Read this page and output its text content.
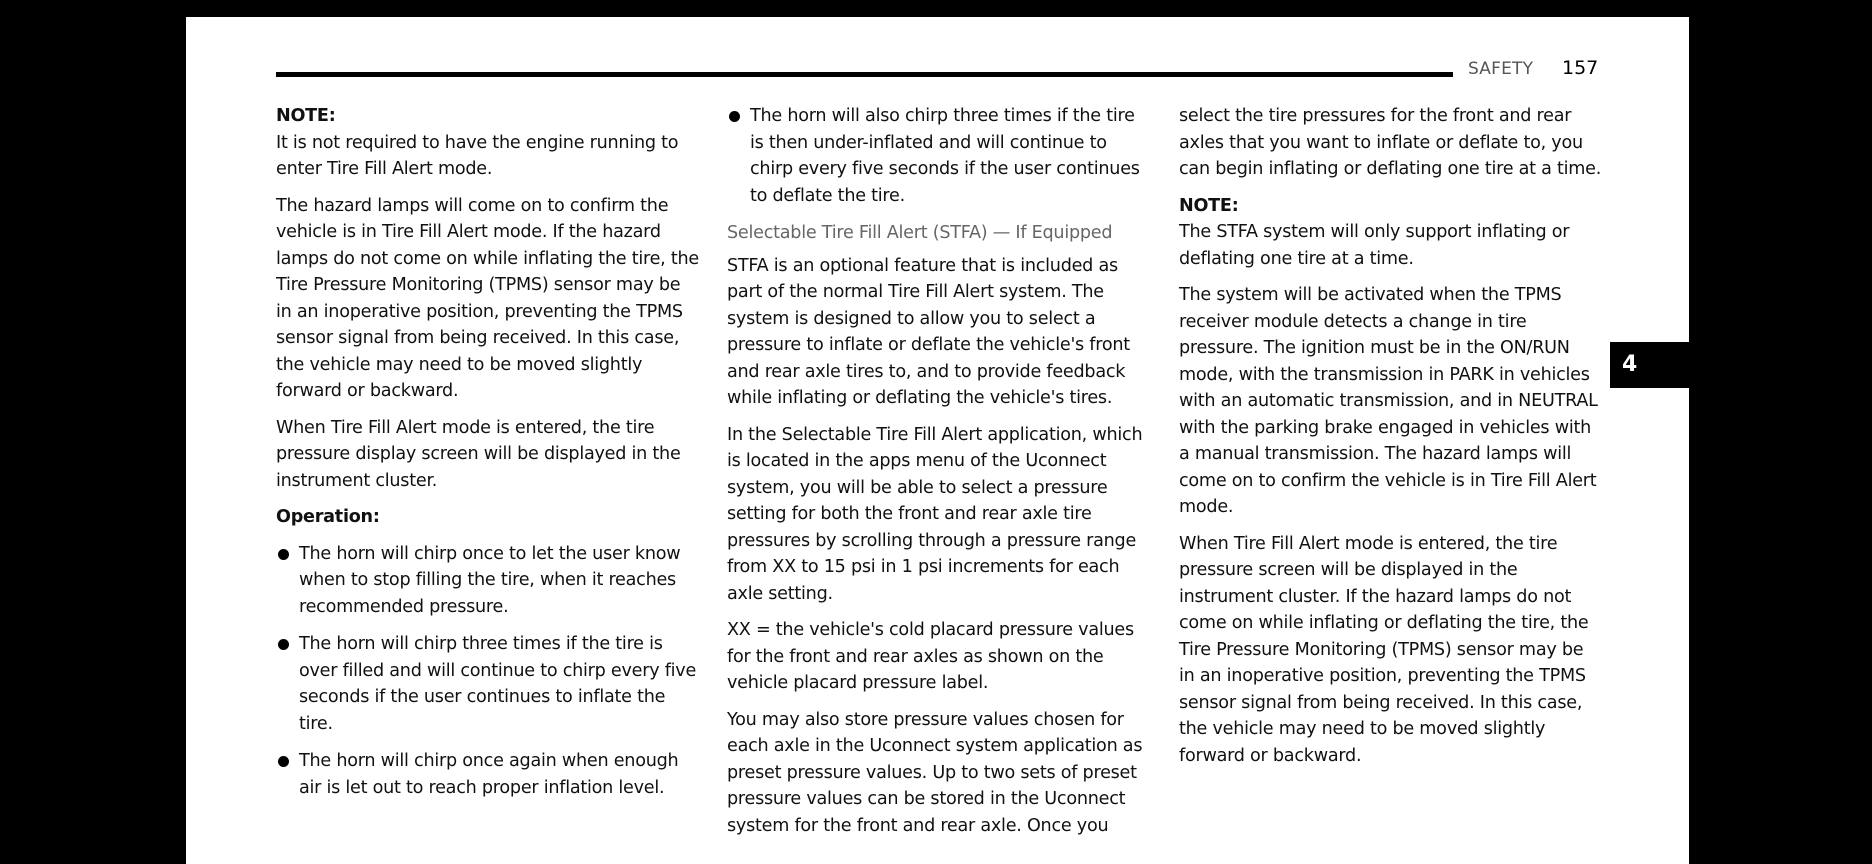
SAFETY 157
4

NOTE:

It is not required to have the engine running to enter Tire Fill Alert mode.

The hazard lamps will come on to confirm the vehicle is in Tire Fill Alert mode. If the hazard lamps do not come on while inflating the tire, the Tire Pressure Monitoring (TPMS) sensor may be in an inoperative position, preventing the TPMS sensor signal from being received. In this case, the vehicle may need to be moved slightly forward or backward.

When Tire Fill Alert mode is entered, the tire pressure display screen will be displayed in the instrument cluster.

Operation:

The horn will chirp once to let the user know when to stop filling the tire, when it reaches recommended pressure.
The horn will chirp three times if the tire is over filled and will continue to chirp every five seconds if the user continues to inflate the tire.
The horn will chirp once again when enough air is let out to reach proper inflation level.
The horn will also chirp three times if the tire is then under-inflated and will continue to chirp every five seconds if the user continues to deflate the tire.

Selectable Tire Fill Alert (STFA) — If Equipped

STFA is an optional feature that is included as part of the normal Tire Fill Alert system. The system is designed to allow you to select a pressure to inflate or deflate the vehicle's front and rear axle tires to, and to provide feedback while inflating or deflating the vehicle's tires.

In the Selectable Tire Fill Alert application, which is located in the apps menu of the Uconnect system, you will be able to select a pressure setting for both the front and rear axle tire pressures by scrolling through a pressure range from XX to 15 psi in 1 psi increments for each axle setting.

XX = the vehicle's cold placard pressure values for the front and rear axles as shown on the vehicle placard pressure label.

You may also store pressure values chosen for each axle in the Uconnect system application as preset pressure values. Up to two sets of preset pressure values can be stored in the Uconnect system for the front and rear axle. Once you

select the tire pressures for the front and rear axles that you want to inflate or deflate to, you can begin inflating or deflating one tire at a time.

NOTE:

The STFA system will only support inflating or deflating one tire at a time.

The system will be activated when the TPMS receiver module detects a change in tire pressure. The ignition must be in the ON/RUN mode, with the transmission in PARK in vehicles with an automatic transmission, and in NEUTRAL with the parking brake engaged in vehicles with a manual transmission. The hazard lamps will come on to confirm the vehicle is in Tire Fill Alert mode.

When Tire Fill Alert mode is entered, the tire pressure screen will be displayed in the instrument cluster. If the hazard lamps do not come on while inflating or deflating the tire, the Tire Pressure Monitoring (TPMS) sensor may be in an inoperative position, preventing the TPMS sensor signal from being received. In this case, the vehicle may need to be moved slightly forward or backward.
